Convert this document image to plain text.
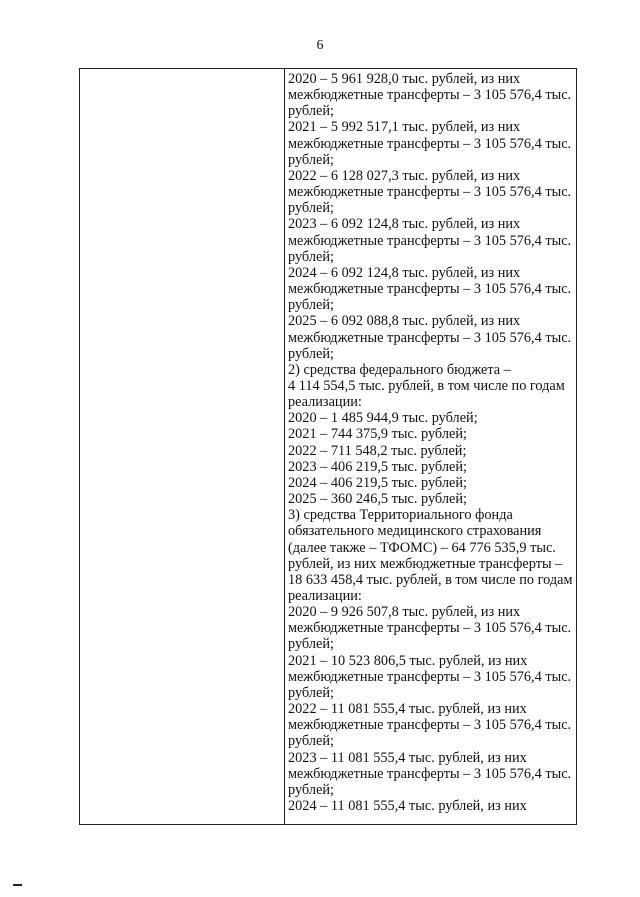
6
2020 – 5 961 928,0 тыс. рублей, из них
межбюджетные трансферты – 3 105 576,4 тыс.
рублей;
2021 – 5 992 517,1 тыс. рублей, из них
межбюджетные трансферты – 3 105 576,4 тыс.
рублей;
2022 – 6 128 027,3 тыс. рублей, из них
межбюджетные трансферты – 3 105 576,4 тыс.
рублей;
2023 – 6 092 124,8 тыс. рублей, из них
межбюджетные трансферты – 3 105 576,4 тыс.
рублей;
2024 – 6 092 124,8 тыс. рублей, из них
межбюджетные трансферты – 3 105 576,4 тыс.
рублей;
2025 – 6 092 088,8 тыс. рублей, из них
межбюджетные трансферты – 3 105 576,4 тыс.
рублей;
2) средства федерального бюджета –
4 114 554,5 тыс. рублей, в том числе по годам
реализации:
2020 – 1 485 944,9 тыс. рублей;
2021 – 744 375,9 тыс. рублей;
2022 – 711 548,2 тыс. рублей;
2023 – 406 219,5 тыс. рублей;
2024 – 406 219,5 тыс. рублей;
2025 – 360 246,5 тыс. рублей;
3) средства Территориального фонда
обязательного медицинского страхования
(далее также – ТФОМС) – 64 776 535,9 тыс.
рублей, из них межбюджетные трансферты –
18 633 458,4 тыс. рублей, в том числе по годам
реализации:
2020 – 9 926 507,8 тыс. рублей, из них
межбюджетные трансферты – 3 105 576,4 тыс.
рублей;
2021 – 10 523 806,5 тыс. рублей, из них
межбюджетные трансферты – 3 105 576,4 тыс.
рублей;
2022 – 11 081 555,4 тыс. рублей, из них
межбюджетные трансферты – 3 105 576,4 тыс.
рублей;
2023 – 11 081 555,4 тыс. рублей, из них
межбюджетные трансферты – 3 105 576,4 тыс.
рублей;
2024 – 11 081 555,4 тыс. рублей, из них
